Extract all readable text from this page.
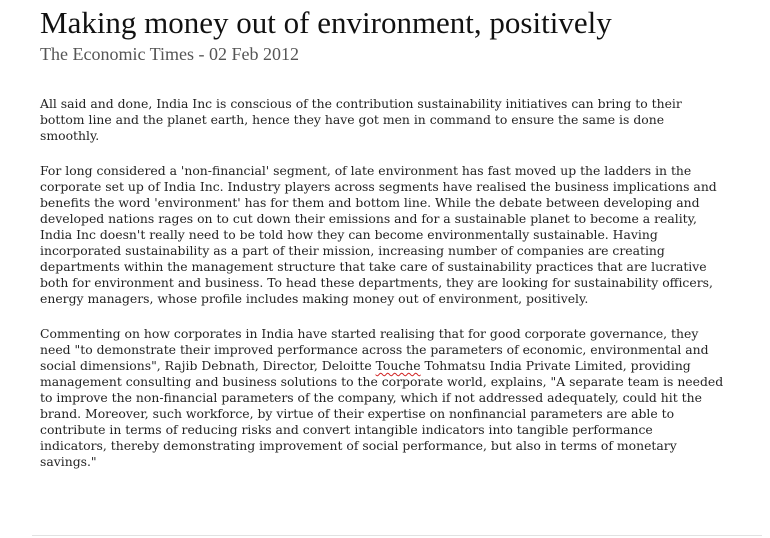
Making money out of environment, positively

The Economic Times - 02 Feb 2012

All said and done, India Inc is conscious of the contribution sustainability initiatives can bring to their
bottom line and the planet earth, hence they have got men in command to ensure the same is done
smoothly.

For long considered a 'non-financial' segment, of late environment has fast moved up the ladders in the
corporate set up of India Inc. Industry players across segments have realised the business implications and
benefits the word 'environment' has for them and bottom line. While the debate between developing and
developed nations rages on to cut down their emissions and for a sustainable planet to become a reality,
India Inc doesn't really need to be told how they can become environmentally sustainable. Having
incorporated sustainability as a part of their mission, increasing number of companies are creating
departments within the management structure that take care of sustainability practices that are lucrative
both for environment and business. To head these departments, they are looking for sustainability officers,
energy managers, whose profile includes making money out of environment, positively.

Commenting on how corporates in India have started realising that for good corporate governance, they
need "to demonstrate their improved performance across the parameters of economic, environmental and
social dimensions", Rajib Debnath, Director, Deloitte Touche Tohmatsu India Private Limited, providing
management consulting and business solutions to the corporate world, explains, "A separate team is needed
to improve the non-financial parameters of the company, which if not addressed adequately, could hit the
brand. Moreover, such workforce, by virtue of their expertise on nonfinancial parameters are able to
contribute in terms of reducing risks and convert intangible indicators into tangible performance
indicators, thereby demonstrating improvement of social performance, but also in terms of monetary
savings."
